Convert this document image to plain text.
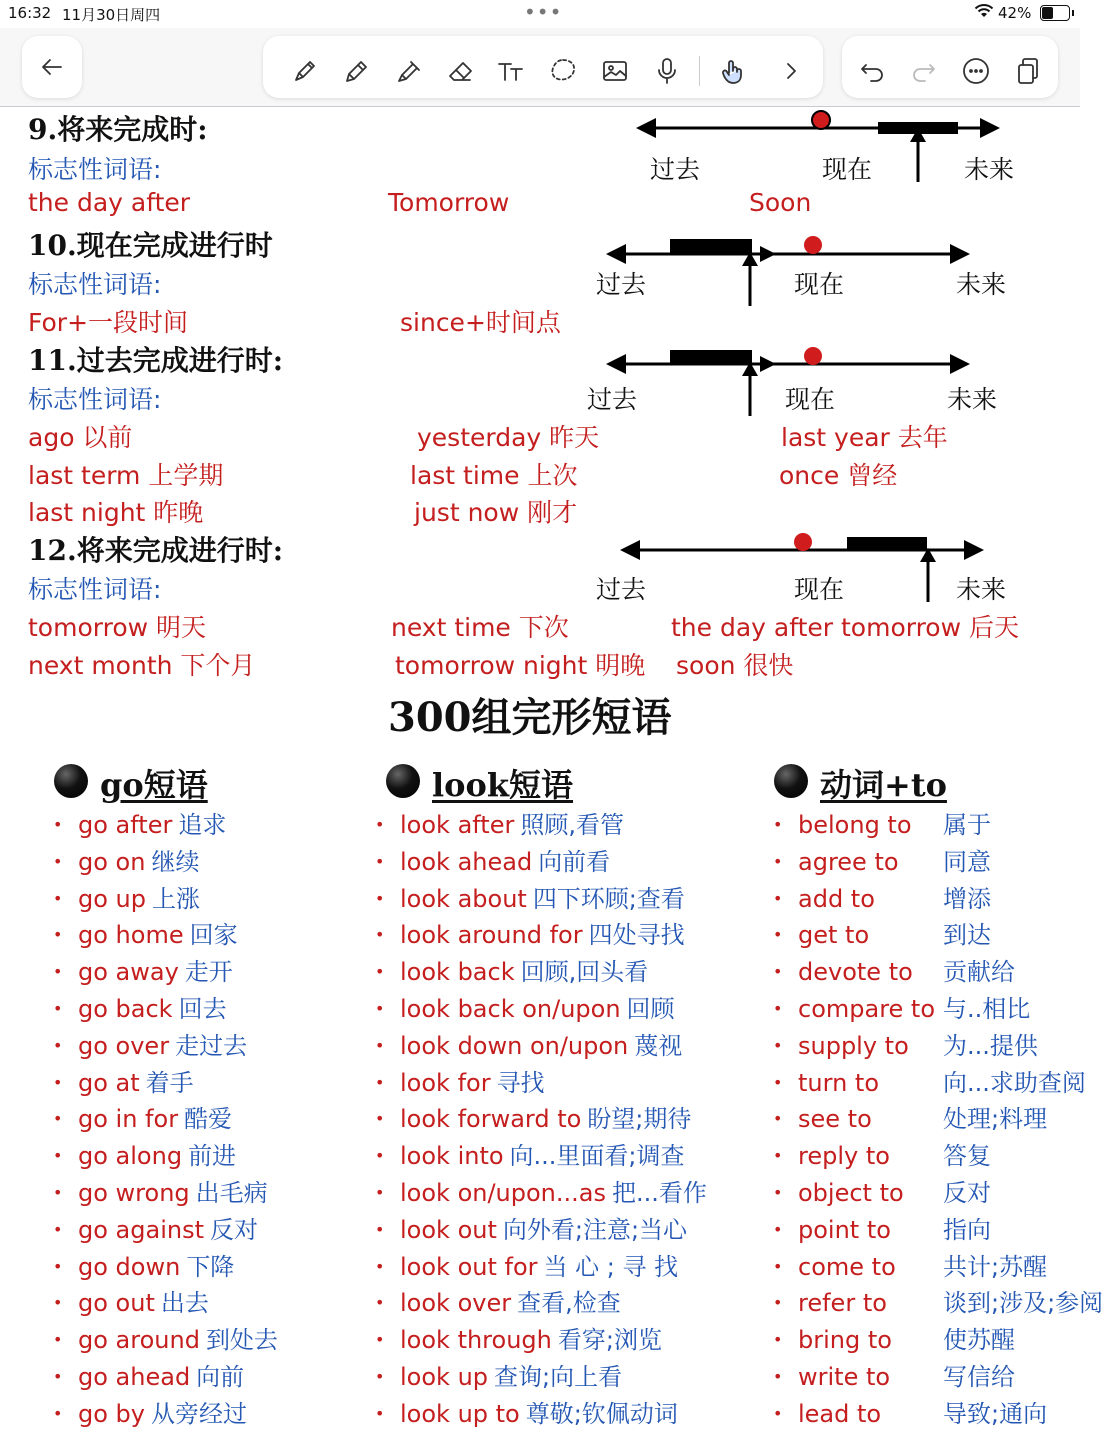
16:32 11月30日周四	•••	42%
9.将来完成时:
标志性词语:	过去	现在	未来
the day after	Tomorrow	Soon
10.现在完成进行时
标志性词语:	过去	现在	未来
For+一段时间	since+时间点
11.过去完成进行时:
标志性词语:	过去	现在	未来
ago 以前	yesterday 昨天	last year 去年
last term 上学期	last time 上次	once 曾经
last night 昨晚	just now 刚才
12.将来完成进行时:
标志性词语:	过去	现在	未来
tomorrow 明天	next time 下次	the day after tomorrow 后天
next month 下个月	tomorrow night 明晚 soon 很快
300组完形短语
go短语	look短语	动词+to
• go after 追求
• go on 继续
• go up 上涨
• go home 回家
• go away 走开
• go back 回去
• go over 走过去
• go at 着手
• go in for 酷爱
• go along 前进
• go wrong 出毛病
• go against 反对
• go down 下降
• go out 出去
• go around 到处去
• go ahead 向前
• go by 从旁经过
• look after 照顾,看管
• look ahead 向前看
• look about 四下环顾;查看
• look around for 四处寻找
• look back 回顾,回头看
• look back on/upon 回顾
• look down on/upon 蔑视
• look for 寻找
• look forward to 盼望;期待
• look into 向...里面看;调查
• look on/upon...as 把...看作
• look out 向外看;注意;当心
• look out for 当 心 ; 寻 找
• look over 查看,检查
• look through 看穿;浏览
• look up 查询;向上看
• look up to 尊敬;钦佩动词
• belong to 属于
• agree to 同意
• add to	增添
• get to	到达
• devote to 贡献给
• compare to 与..相比
• supply to 为...提供
• turn to	向...求助查阅
• see to	处理;料理
• reply to 答复
• object to 反对
• point to 指向
• come to 共计;苏醒
• refer to 谈到;涉及;参阅
• bring to 使苏醒
• write to 写信给
• lead to	导致;通向
